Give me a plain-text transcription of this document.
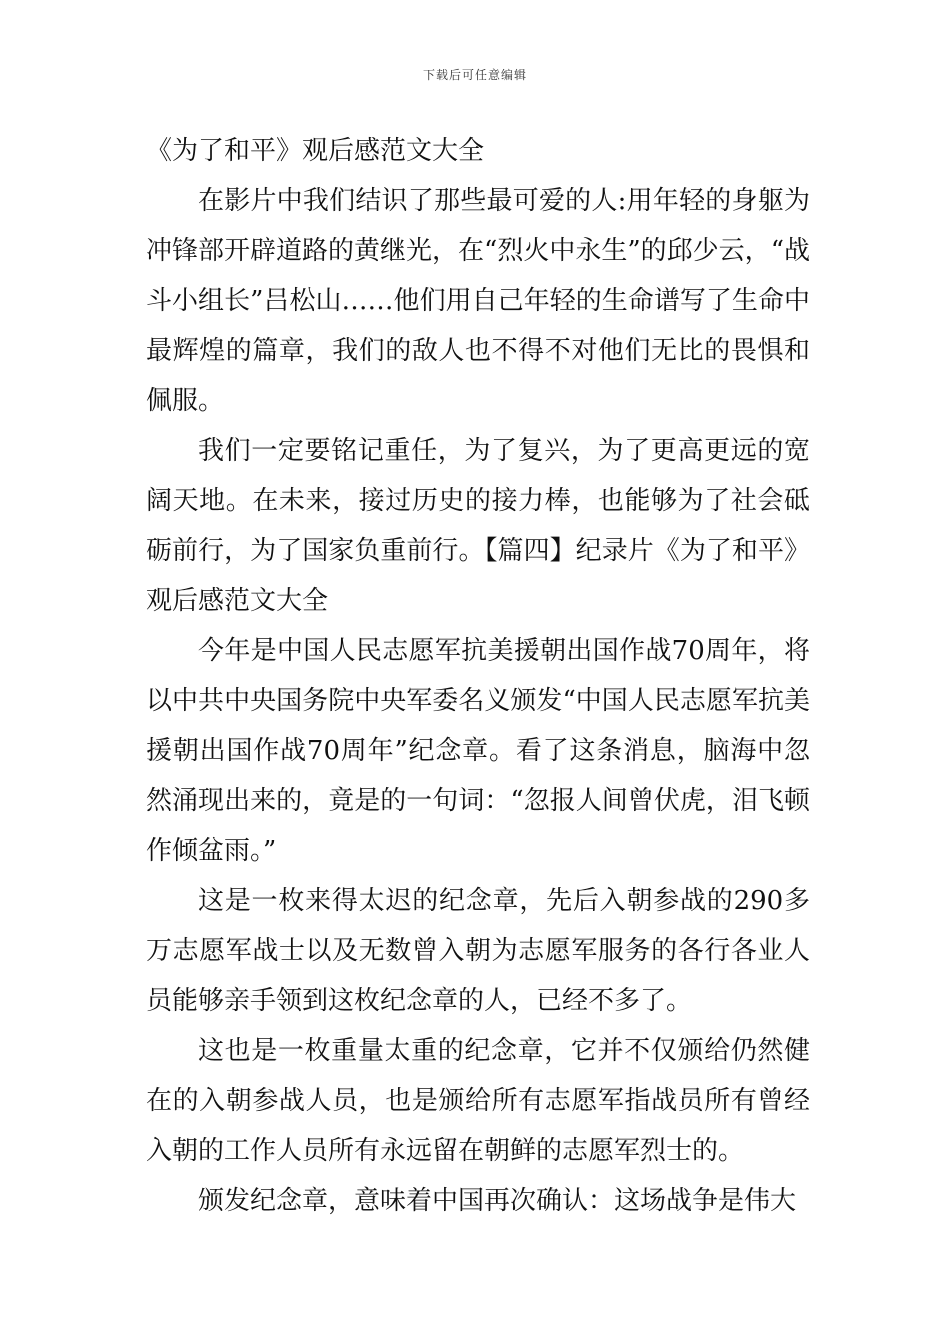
下载后可任意编辑

《为了和平》观后感范文大全

在影片中我们结识了那些最可爱的人:用年轻的身躯为冲锋部开辟道路的黄继光，在“烈火中永生”的邱少云，“战斗小组长”吕松山……他们用自己年轻的生命谱写了生命中最辉煌的篇章，我们的敌人也不得不对他们无比的畏惧和佩服。

我们一定要铭记重任，为了复兴，为了更高更远的宽阔天地。在未来，接过历史的接力棒，也能够为了社会砥砺前行，为了国家负重前行。【篇四】纪录片《为了和平》观后感范文大全

今年是中国人民志愿军抗美援朝出国作战70周年，将以中共中央国务院中央军委名义颁发“中国人民志愿军抗美援朝出国作战70周年”纪念章。看了这条消息，脑海中忽然涌现出来的，竟是的一句词：“忽报人间曾伏虎，泪飞顿作倾盆雨。”

这是一枚来得太迟的纪念章，先后入朝参战的290多万志愿军战士以及无数曾入朝为志愿军服务的各行各业人员能够亲手领到这枚纪念章的人，已经不多了。

这也是一枚重量太重的纪念章，它并不仅颁给仍然健在的入朝参战人员，也是颁给所有志愿军指战员所有曾经入朝的工作人员所有永远留在朝鲜的志愿军烈士的。

颁发纪念章，意味着中国再次确认：这场战争是伟大
